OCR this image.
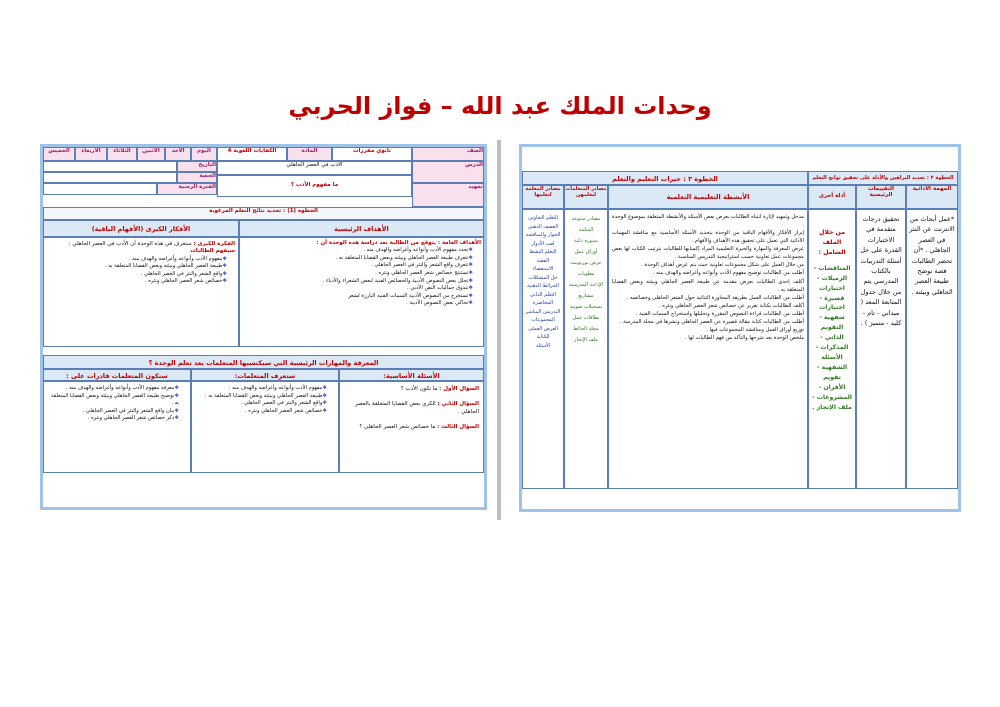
وحدات الملك عبد الله – فواز الحربي
الصف
ثانوي مقررات
المادة
الكفايات اللغوية 4
اليوم
الأحد
الاثنين
الثلاثاء
الأربعاء
الخميس
الدرس
الأدب في العصر الجاهلي
التاريخ
الحصة
تمهيد
ما مفهوم الأدب ؟
الفترة الزمنية
الخطوة (1) : تحديد نتائج التعلم المرغوبة
الأهداف الرئيسية
الأفكار الكبرى (الأفهام الباقية)
الأهداف العامة : يتوقع من الطالبة بعد دراسة هذه الوحدة أن :
❖ تحدد مفهوم الأدب وأنواعه وأغراضه والهدف منه .
❖ تتعرف طبيعة العصر الجاهلي وبيئته وبعض القضايا المتعلقة به .
❖ تتعرف واقع الشعر والنثر في العصر الجاهلي .
❖ تستنتج خصائص شعر العصر الجاهلي ونثره .
❖ تحلل بعض النصوص الأدبية والخصائص الفنية لبعض الشعراء والأدباء .
❖ تتذوق جماليات النص الأدبي .
❖ تستخرج من النصوص الأدبية السمات الفنية البارزة لشعر
❖ تحاكي بعض النصوص الأدبية .
الفكرة الكبرى : ستعرف في هذه الوحدة أن الأدب في العصر الجاهلي :
سيفهم الطالبات
❖ مفهوم الأدب وأنواعه وأغراضه والهدف منه .
❖ طبيعة العصر الجاهلي وبيئته وبعض القضايا المتعلقة به .
❖ واقع الشعر والنثر في العصر الجاهلي .
❖ خصائص شعر العصر الجاهلي ونثره .
المعرفة والمهارات الرئيسية التي سيكتسبها المتعلمات بعد تعلم الوحدة ؟
الأسئلة الأساسية:
ستعرف المتعلمات:
ستكون المتعلمات قادرات على :
السؤال الأول : ما تكون الأدب ؟
السؤال الثاني : الكري بعض القضايا المتعلقة بالعصر الجاهلي .
السؤال الثالث : ما خصائص شعر العصر الجاهلي ؟
❖ مفهوم الأدب وأنواعه وأغراضه والهدف منه .
❖ طبيعة العصر الجاهلي وبيئته وبعض القضايا المتعلقة به .
❖ واقع الشعر والنثر في العصر الجاهلي .
❖ خصائص شعر العصر الجاهلي ونثره .
❖ معرفة مفهوم الأدب وأنواعه وأغراضه والهدف منه .
❖ توضيح طبيعة العصر الجاهلي وبيئته وبعض القضايا المتعلقة به .
❖ بيان واقع الشعر والنثر في العصر الجاهلي .
❖ ذكر خصائص شعر العصر الجاهلي ونثره .
الخطوة ٢ : تحديد البراهين والأدلة على تحقيق نواتج التعلم
الخطوة ٣ : خبرات التعليم والتعلم
المهمة الأدائية
التقييمات الرئيسية
أدلة أخرى
الأنشطة التعليمية التعلمية
مصادر المتعلمات لتعلمهن
مصادر المعلمة لتعلمها
*عمل أبحاث من الانترنت عن النثر في العصر الجاهلي . *أن تحضر الطالبات قصة توضح طبيعة العصر الجاهلي وبيئته .
تحقيق درجات متقدمة في الاختبارات القدرة على حل أسئلة التدريبات بالكتاب المدرسي يتم من خلال جدول المتابعة المعد ( ميداني - تام - كليد - متميز ) .
من خلال الملف الشامل :
المناقشات - الزميلات - اختبارات قصيرة - اختبارات شفهية - التقويم الذاتي - المذكرات - الأسئلة الشفهية - تقويم الأقران - المشروعات - ملف الإنجاز .
مدخل وتمهيد لإثارة انتباه الطالبات بعرض بعض الأسئلة والأنشطة المتعلقة بموضوع الوحدة .
إبراز الأفكار والأفهام الباقية من الوحدة بتحديد الأسئلة الأساسية مع مناقشة المهمات الأدائية التي تعمل على تحقيق هذه الأهداف والأفهام .
عرض المعرفة والمهارة والخبرة التعليمية المراد إكسابها للطالبات بترتيب الكتاب لها بعض مجموعات عمل تعاونية حسب استراتيجية التدريس المناسبة .
من خلال العمل على شكل مجموعات تعاونية حيث يتم عرض أهداف الوحدة .
أطلب من الطالبات توضيح مفهوم الأدب وأنواعه وأغراضه والهدف منه .
أكلف إحدى الطالبات بعرض مقدمة عن طبيعة العصر الجاهلي وبيئته وبعض القضايا المتعلقة به .
أطلب من الطالبات العمل بطريقة المحاورة الثنائية حول الشعر الجاهلي وخصائصه .
أكلف الطالبات بكتابة تقرير عن خصائص شعر العصر الجاهلي ونثره .
أطلب من الطالبات قراءة النصوص المقررة وتحليلها واستخراج السمات الفنية .
أطلب من الطالبات كتابة مقالة قصيرة عن العصر الجاهلي ونشرها في مجلة المدرسة .
توزيع أوراق العمل ومناقشة المجموعات فيها .
ملخص الوحدة بعد شرحها والتأكد من فهم الطالبات لها .
مصادر متنوعة
المكتبة
سبورة ذكية
أوراق عمل
عرض بوربوينت
مطويات
الإذاعة المدرسية
مشاريع
تسجيلات صوتية
بطاقات عمل
مجلة الحائط
ملف الإنجاز
التعلم التعاوني
العصف الذهني
الحوار والمناقشة
لعب الأدوار
التعلم النشط
القصة
الاستقصاء
حل المشكلات
الخرائط الذهنية
التعلم الذاتي
المحاضرة
التدريس المباشر
المجموعات
العرض العملي
الكتابة
الأسئلة
